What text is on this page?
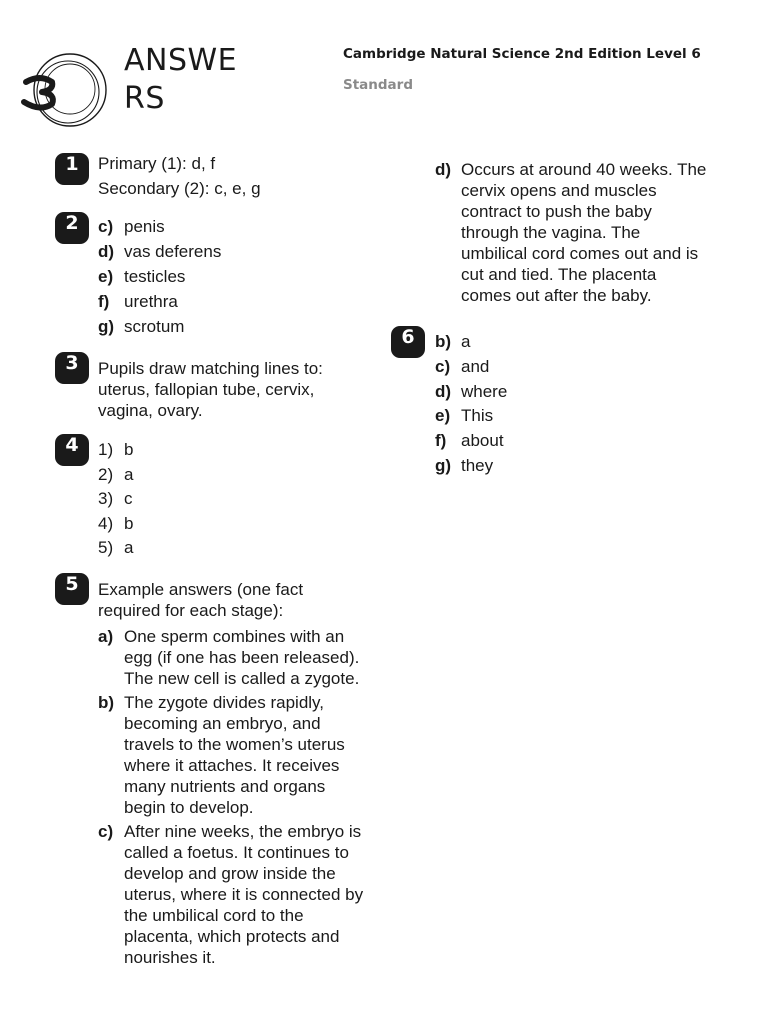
ANSWERS
Cambridge Natural Science 2nd Edition Level 6
Standard
1	Primary (1): d, f
Secondary (2): c, e, g
2	c) penis
d) vas deferens
e) testicles
f) urethra
g) scrotum
3	Pupils draw matching lines to: uterus, fallopian tube, cervix, vagina, ovary.
4	1) b
2) a
3) c
4) b
5) a
5	Example answers (one fact required for each stage):
a) One sperm combines with an egg (if one has been released). The new cell is called a zygote.
b) The zygote divides rapidly, becoming an embryo, and travels to the women’s uterus where it attaches. It receives many nutrients and organs begin to develop.
c) After nine weeks, the embryo is called a foetus. It continues to develop and grow inside the uterus, where it is connected by the umbilical cord to the placenta, which protects and nourishes it.
d) Occurs at around 40 weeks. The cervix opens and muscles contract to push the baby through the vagina. The umbilical cord comes out and is cut and tied. The placenta comes out after the baby.
6	b) a
c) and
d) where
e) This
f) about
g) they
